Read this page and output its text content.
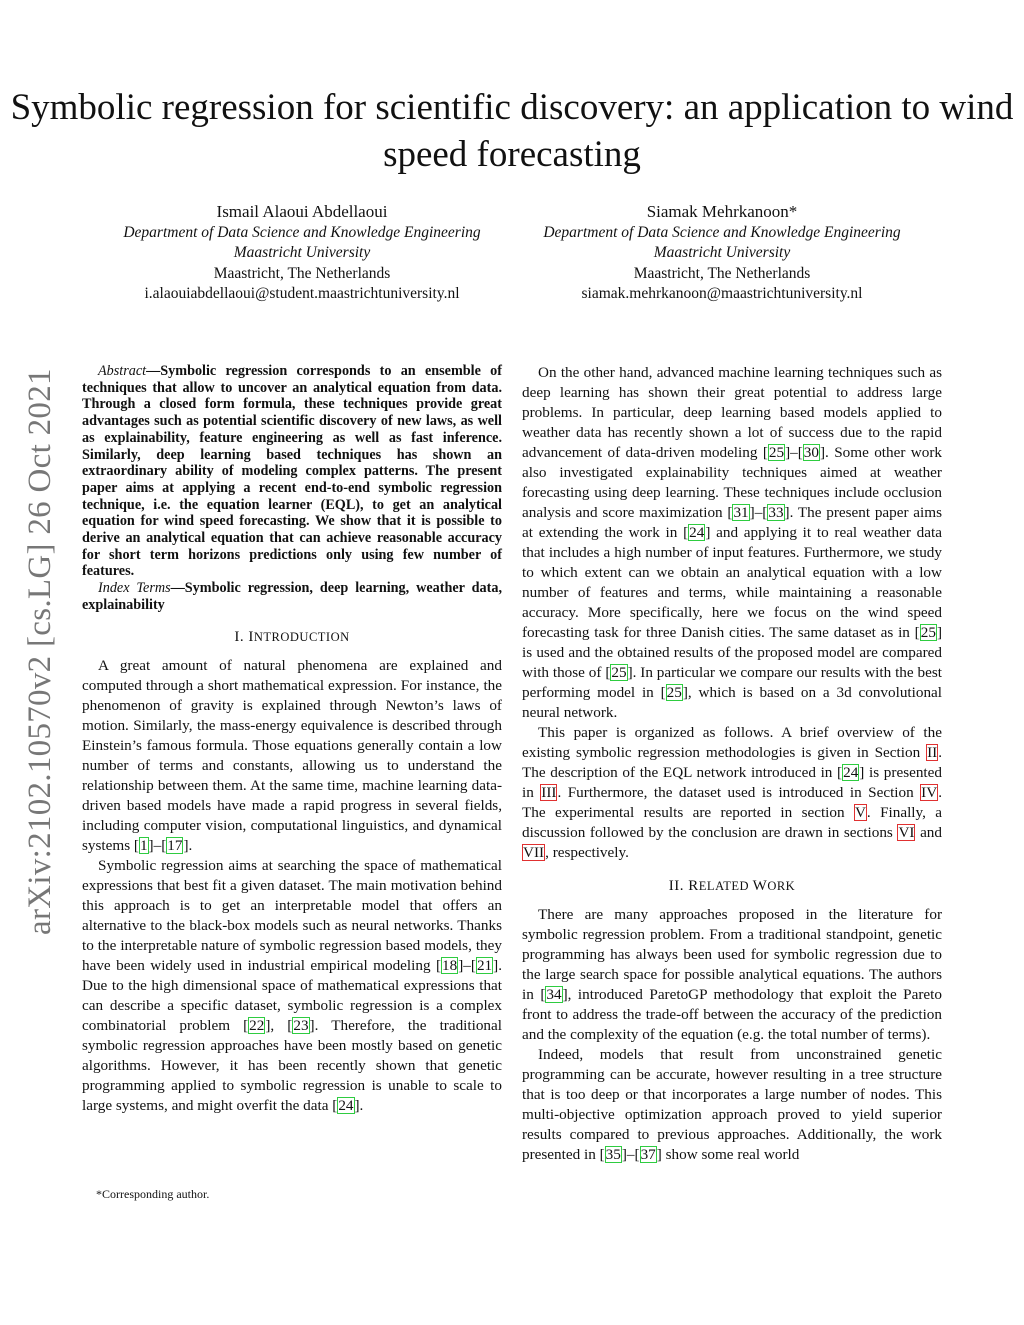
Symbolic regression for scientific discovery: an application to wind speed forecasting
Ismail Alaoui Abdellaoui
Department of Data Science and Knowledge Engineering
Maastricht University
Maastricht, The Netherlands
i.alaouiabdellaoui@student.maastrichtuniversity.nl
Siamak Mehrkanoon*
Department of Data Science and Knowledge Engineering
Maastricht University
Maastricht, The Netherlands
siamak.mehrkanoon@maastrichtuniversity.nl
arXiv:2102.10570v2 [cs.LG] 26 Oct 2021	Abstract—Symbolic regression corresponds to an ensemble of techniques that allow to uncover an analytical equation from data. Through a closed form formula, these techniques provide great advantages such as potential scientific discovery of new laws, as well as explainability, feature engineering as well as fast inference. Similarly, deep learning based techniques has shown an extraordinary ability of modeling complex patterns. The present paper aims at applying a recent end-to-end symbolic regression technique, i.e. the equation learner (EQL), to get an analytical equation for wind speed forecasting. We show that it is possible to derive an analytical equation that can achieve reasonable accuracy for short term horizons predictions only using few number of features.

Index Terms—Symbolic regression, deep learning, weather data, explainability

I. INTRODUCTION

A great amount of natural phenomena are explained and computed through a short mathematical expression. For instance, the phenomenon of gravity is explained through Newton’s laws of motion. Similarly, the mass-energy equivalence is described through Einstein’s famous formula. Those equations generally contain a low number of terms and constants, allowing us to understand the relationship between them. At the same time, machine learning data-driven based models have made a rapid progress in several fields, including computer vision, computational linguistics, and dynamical systems [1]–[17].

Symbolic regression aims at searching the space of mathematical expressions that best fit a given dataset. The main motivation behind this approach is to get an interpretable model that offers an alternative to the black-box models such as neural networks. Thanks to the interpretable nature of symbolic regression based models, they have been widely used in industrial empirical modeling [18]–[21]. Due to the high dimensional space of mathematical expressions that can describe a specific dataset, symbolic regression is a complex combinatorial problem [22], [23]. Therefore, the traditional symbolic regression approaches have been mostly based on genetic algorithms. However, it has been recently shown that genetic programming applied to symbolic regression is unable to scale to large systems, and might overfit the data [24].

On the other hand, advanced machine learning techniques such as deep learning has shown their great potential to address large problems. In particular, deep learning based models applied to weather data has recently shown a lot of success due to the rapid advancement of data-driven modeling [25]–[30]. Some other work also investigated explainability techniques aimed at weather forecasting using deep learning. These techniques include occlusion analysis and score maximization [31]–[33]. The present paper aims at extending the work in [24] and applying it to real weather data that includes a high number of input features. Furthermore, we study to which extent can we obtain an analytical equation with a low number of features and terms, while maintaining a reasonable accuracy. More specifically, here we focus on the wind speed forecasting task for three Danish cities. The same dataset as in [25] is used and the obtained results of the proposed model are compared with those of [25]. In particular we compare our results with the best performing model in [25], which is based on a 3d convolutional neural network.

This paper is organized as follows. A brief overview of the existing symbolic regression methodologies is given in Section II. The description of the EQL network introduced in [24] is presented in III. Furthermore, the dataset used is introduced in Section IV. The experimental results are reported in section V. Finally, a discussion followed by the conclusion are drawn in sections VI and VII, respectively.

II. RELATED WORK

There are many approaches proposed in the literature for symbolic regression problem. From a traditional standpoint, genetic programming has always been used for symbolic regression due to the large search space for possible analytical equations. The authors in [34], introduced ParetoGP methodology that exploit the Pareto front to address the trade-off between the accuracy of the prediction and the complexity of the equation (e.g. the total number of terms).

Indeed, models that result from unconstrained genetic programming can be accurate, however resulting in a tree structure that is too deep or that incorporates a large number of nodes. This multi-objective optimization approach proved to yield superior results compared to previous approaches. Additionally, the work presented in [35]–[37] show some real world

*Corresponding author.
